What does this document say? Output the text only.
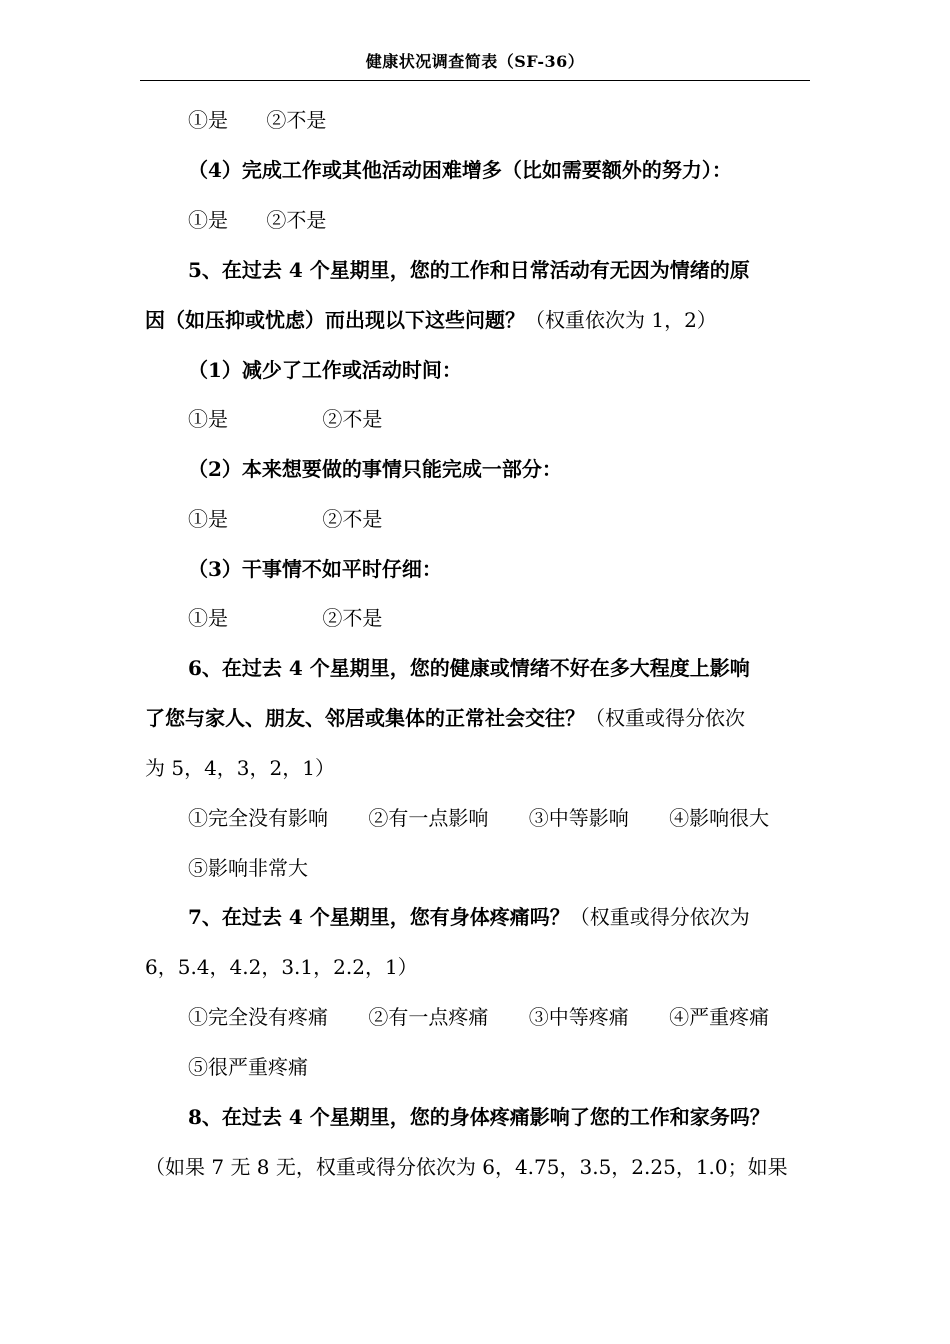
健康状况调查简表（SF-36）
①是 ②不是
（4）完成工作或其他活动困难增多（比如需要额外的努力）：
①是 ②不是
5、在过去 4 个星期里，您的工作和日常活动有无因为情绪的原
因（如压抑或忧虑）而出现以下这些问题？（权重依次为 1，2）
（1）减少了工作或活动时间：
①是	②不是
（2）本来想要做的事情只能完成一部分：
①是	②不是
（3）干事情不如平时仔细：
①是	②不是
6、在过去 4 个星期里，您的健康或情绪不好在多大程度上影响
了您与家人、朋友、邻居或集体的正常社会交往？（权重或得分依次
为 5，4，3，2，1）
①完全没有影响 ②有一点影响 ③中等影响 ④影响很大
⑤影响非常大
7、在过去 4 个星期里，您有身体疼痛吗？（权重或得分依次为
6，5.4，4.2，3.1，2.2，1）
①完全没有疼痛 ②有一点疼痛 ③中等疼痛 ④严重疼痛
⑤很严重疼痛
8、在过去 4 个星期里，您的身体疼痛影响了您的工作和家务吗？
（如果 7 无 8 无，权重或得分依次为 6，4.75，3.5，2.25，1.0；如果
